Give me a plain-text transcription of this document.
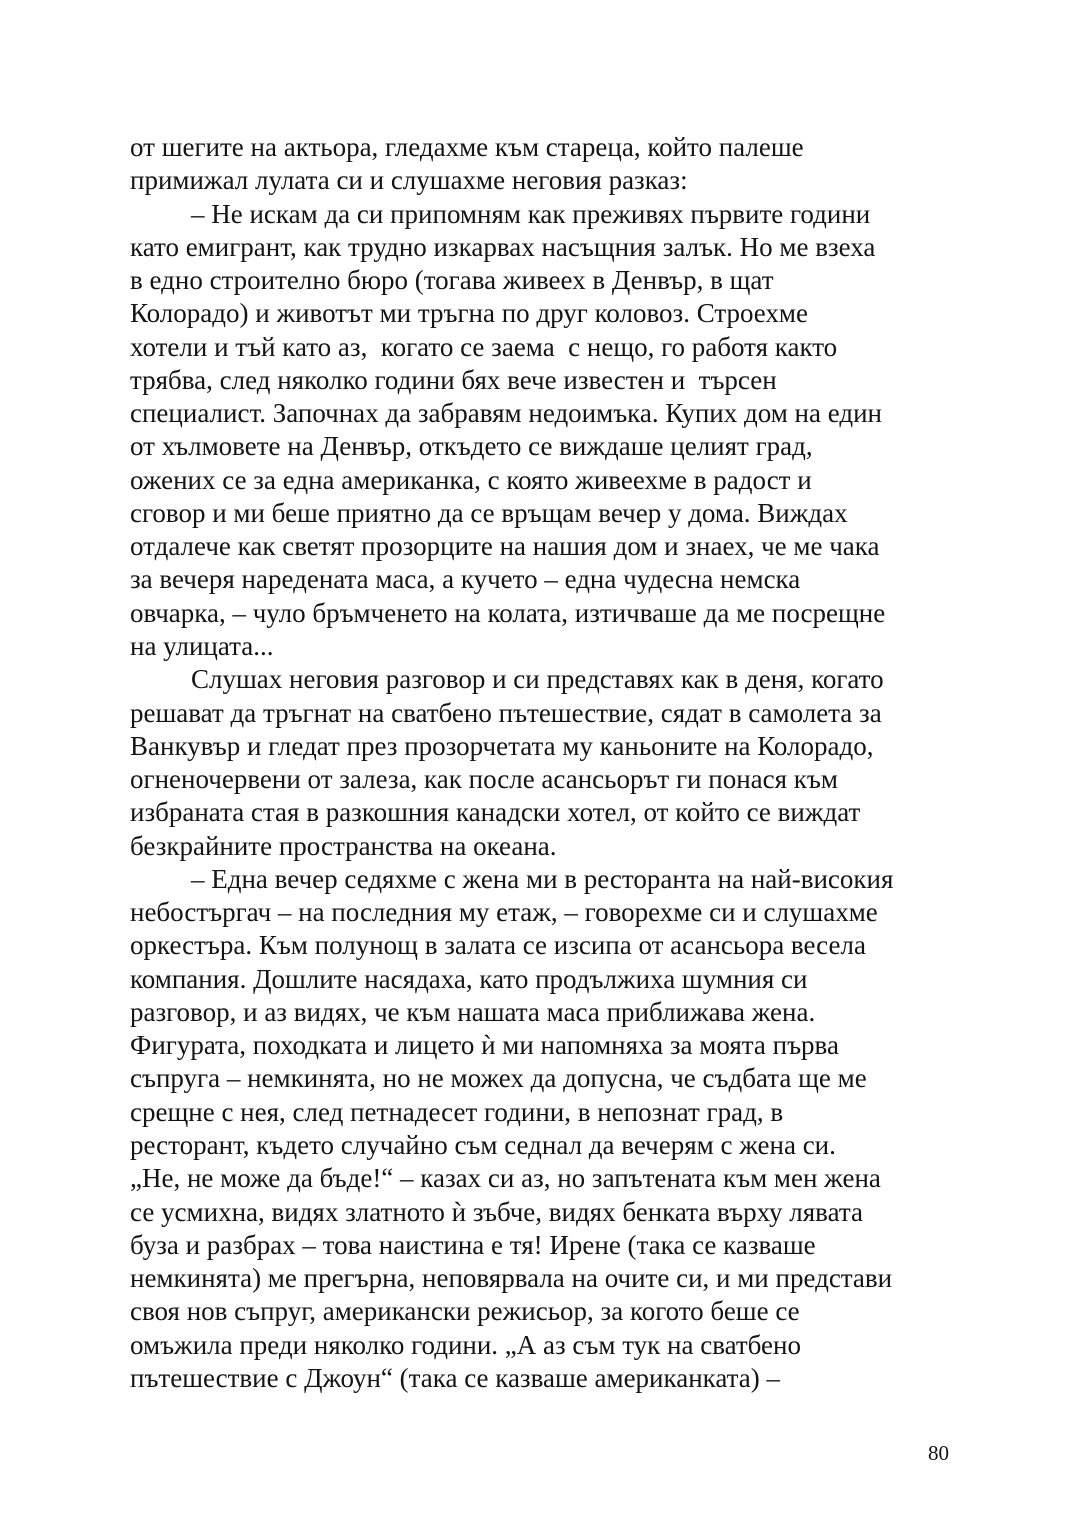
от шегите на актьора, гледахме към стареца, който палеше
примижал лулата си и слушахме неговия разказ:
– Не искам да си припомням как преживях първите години
като емигрант, как трудно изкарвах насъщния залък. Но ме взеха
в едно строително бюро (тогава живеех в Денвър, в щат
Колорадо) и животът ми тръгна по друг коловоз. Строехме
хотели и тъй като аз,  когато се заема  с нещо, го работя както
трябва, след няколко години бях вече известен и  търсен
специалист. Започнах да забравям недоимъка. Купих дом на един
от хълмовете на Денвър, откъдето се виждаше целият град,
ожених се за една американка, с която живеехме в радост и
сговор и ми беше приятно да се връщам вечер у дома. Виждах
отдалече как светят прозорците на нашия дом и знаех, че ме чака
за вечеря наредената маса, а кучето – една чудесна немска
овчарка, – чуло бръмченето на колата, изтичваше да ме посрещне
на улицата...
Слушах неговия разговор и си представях как в деня, когато
решават да тръгнат на сватбено пътешествие, сядат в самолета за
Ванкувър и гледат през прозорчетата му каньоните на Колорадо,
огненочервени от залеза, как после асансьорът ги понася към
избраната стая в разкошния канадски хотел, от който се виждат
безкрайните пространства на океана.
– Една вечер седяхме с жена ми в ресторанта на най-високия
небостъргач – на последния му етаж, – говорехме си и слушахме
оркестъра. Към полунощ в залата се изсипа от асансьора весела
компания. Дошлите насядаха, като продължиха шумния си
разговор, и аз видях, че към нашата маса приближава жена.
Фигурата, походката и лицето ѝ ми напомняха за моята първа
съпруга – немкинята, но не можех да допусна, че съдбата ще ме
срещне с нея, след петнадесет години, в непознат град, в
ресторант, където случайно съм седнал да вечерям с жена си.
„Не, не може да бъде!“ – казах си аз, но запътената към мен жена
се усмихна, видях златното ѝ зъбче, видях бенката върху лявата
буза и разбрах – това наистина е тя! Ирене (така се казваше
немкинята) ме прегърна, неповярвала на очите си, и ми представи
своя нов съпруг, американски режисьор, за когото беше се
омъжила преди няколко години. „А аз съм тук на сватбено
пътешествие с Джоун“ (така се казваше американката) –
80
